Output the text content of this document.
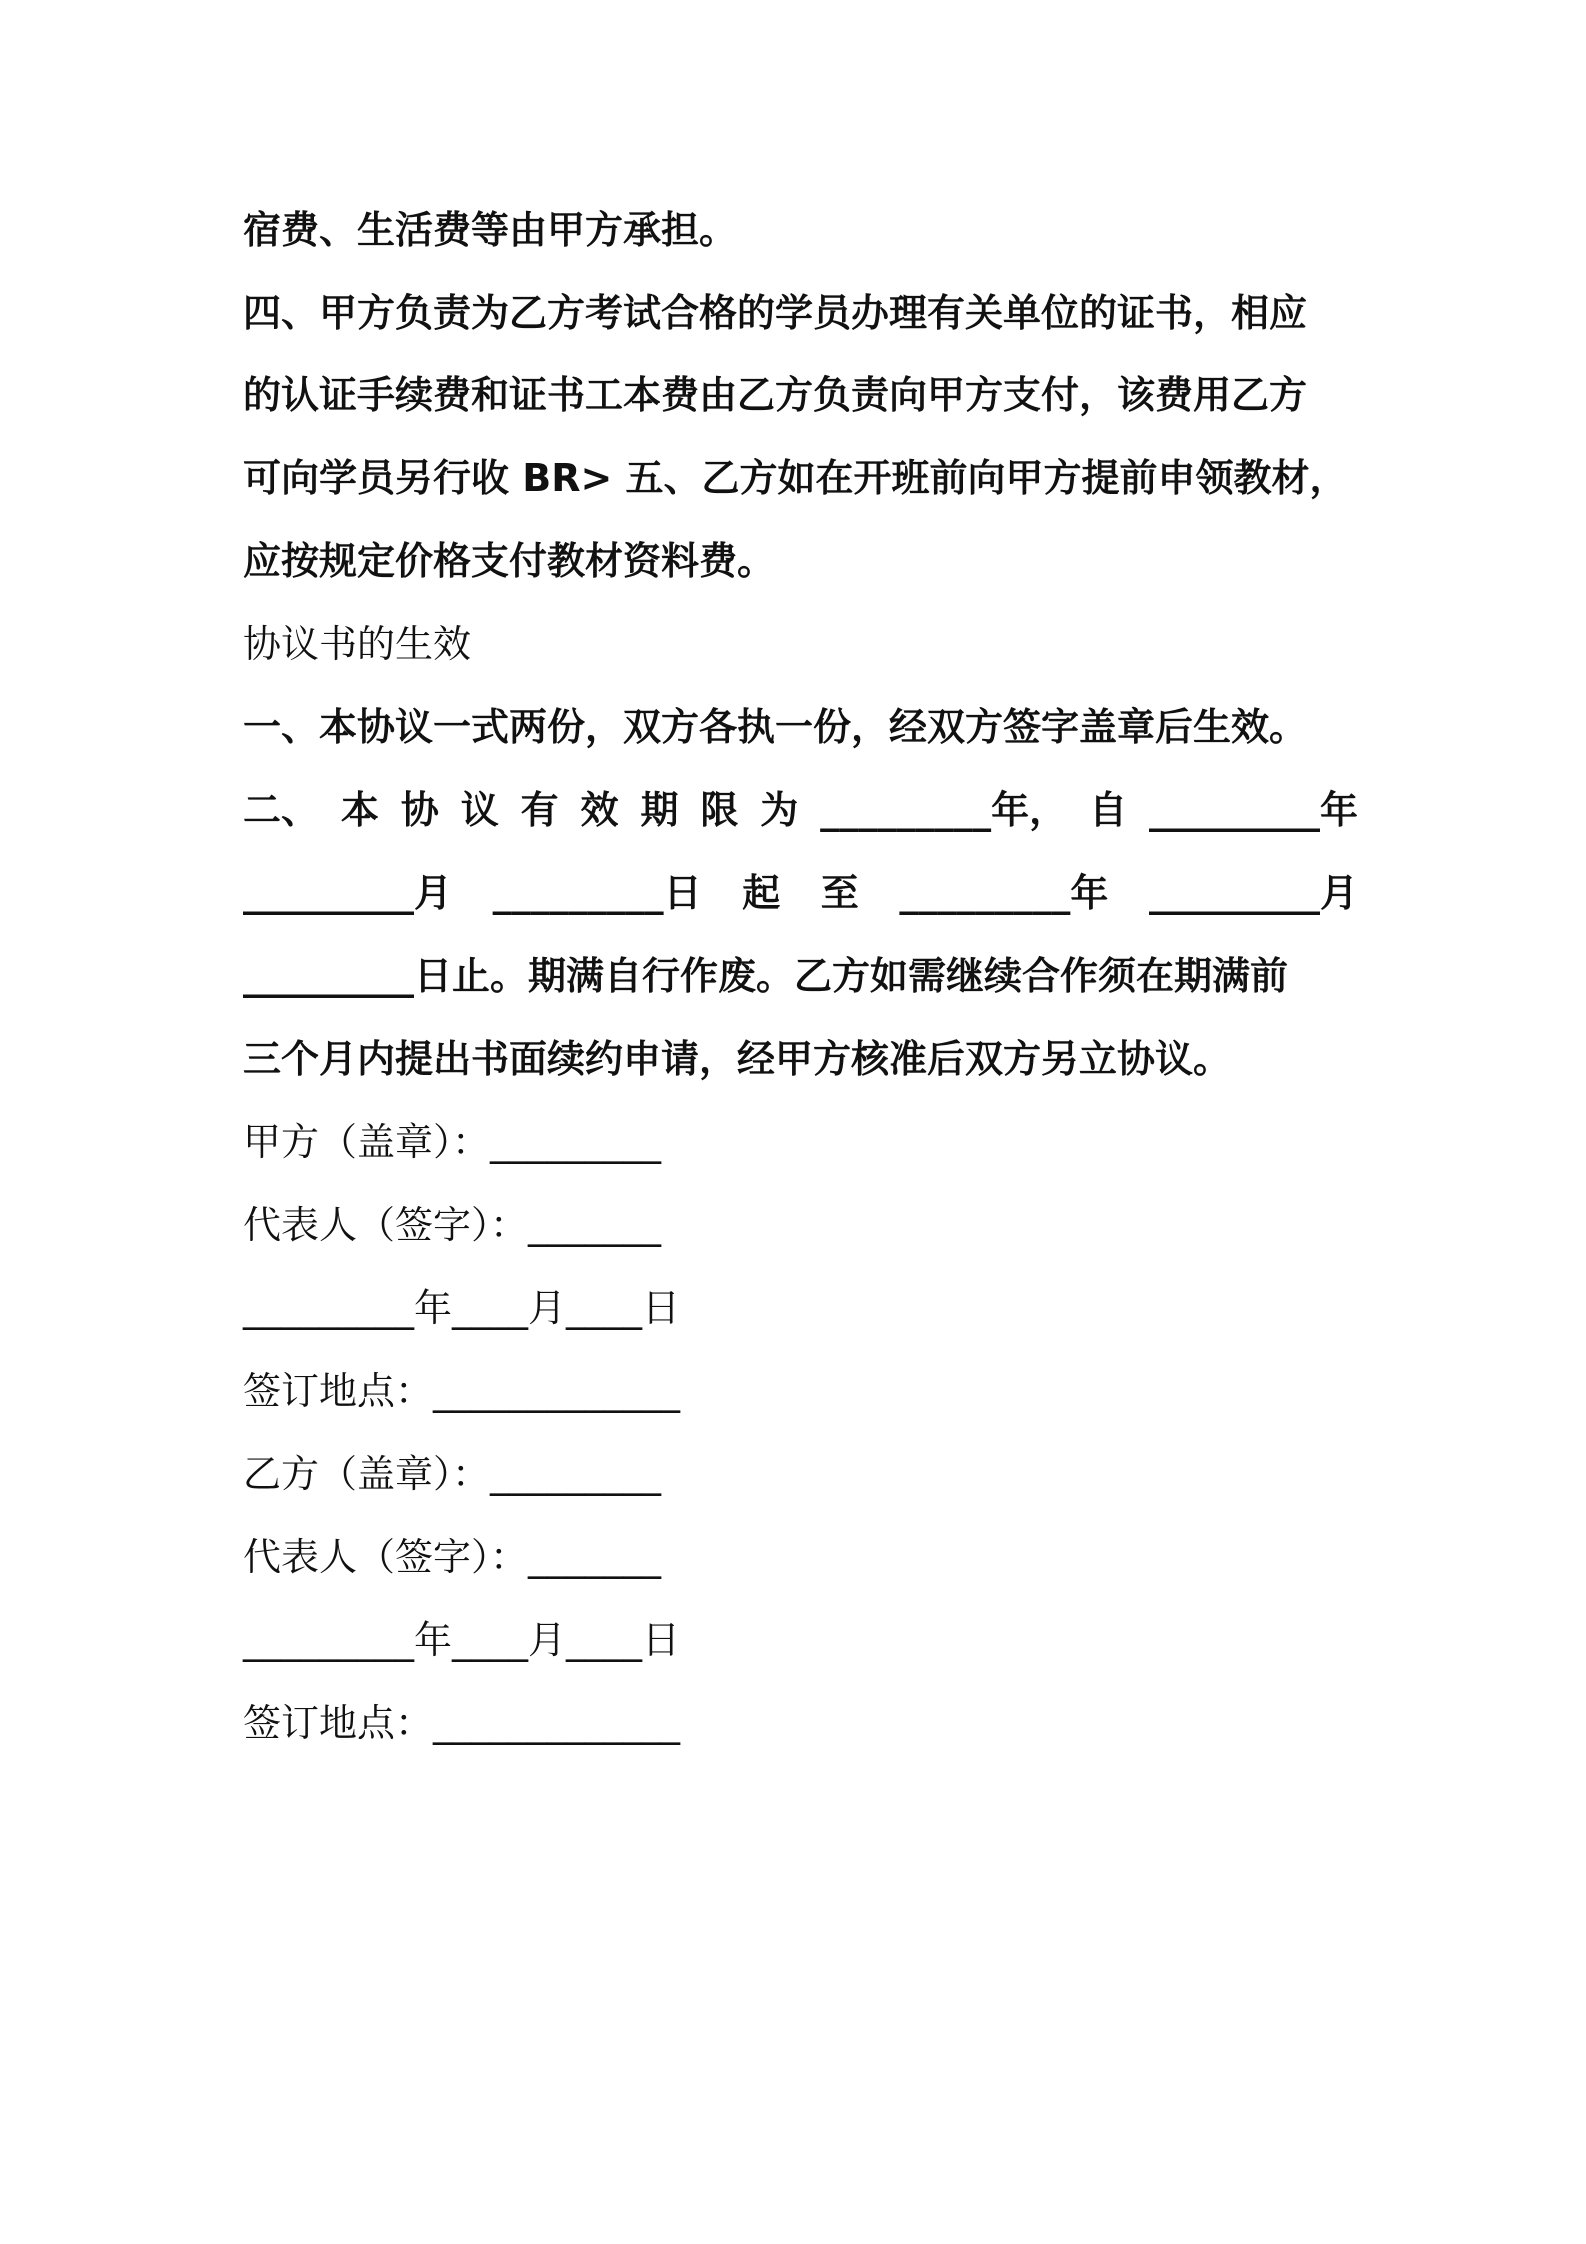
宿费、生活费等由甲方承担。
四、甲方负责为乙方考试合格的学员办理有关单位的证书，相应
的认证手续费和证书工本费由乙方负责向甲方支付，该费用乙方
可向学员另行收 BR> 五、乙方如在开班前向甲方提前申领教材，
应按规定价格支付教材资料费。
协议书的生效
一、本协议一式两份，双方各执一份，经双方签字盖章后生效。
二、 本 协 议 有 效 期 限 为 _________年， 自 _________年
_________月 _________日 起 至 _________年 _________月
_________日止。期满自行作废。乙方如需继续合作须在期满前
三个月内提出书面续约申请，经甲方核准后双方另立协议。
甲方（盖章）：_________
代表人（签字）：_______
_________年____月____日
签订地点：_____________
乙方（盖章）：_________
代表人（签字）：_______
_________年____月____日
签订地点：_____________
